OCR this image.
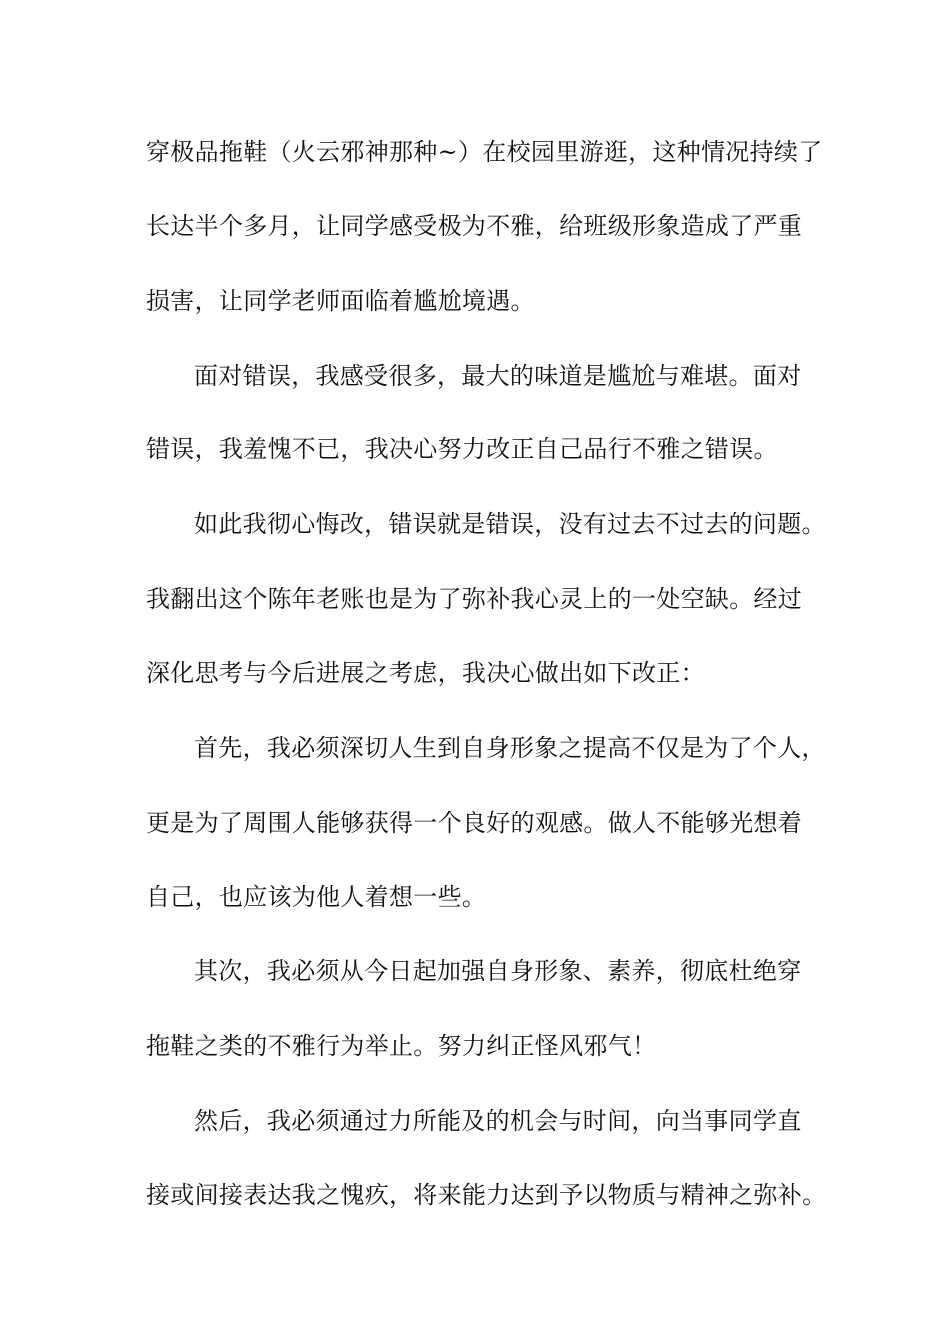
穿极品拖鞋（火云邪神那种~）在校园里游逛，这种情况持续了

长达半个多月，让同学感受极为不雅，给班级形象造成了严重

损害，让同学老师面临着尴尬境遇。

面对错误，我感受很多，最大的味道是尴尬与难堪。面对

错误，我羞愧不已，我决心努力改正自己品行不雅之错误。

如此我彻心悔改，错误就是错误，没有过去不过去的问题。

我翻出这个陈年老账也是为了弥补我心灵上的一处空缺。经过

深化思考与今后进展之考虑，我决心做出如下改正：

首先，我必须深切人生到自身形象之提高不仅是为了个人，

更是为了周围人能够获得一个良好的观感。做人不能够光想着

自己，也应该为他人着想一些。

其次，我必须从今日起加强自身形象、素养，彻底杜绝穿

拖鞋之类的不雅行为举止。努力纠正怪风邪气！

然后，我必须通过力所能及的机会与时间，向当事同学直

接或间接表达我之愧疚，将来能力达到予以物质与精神之弥补。
